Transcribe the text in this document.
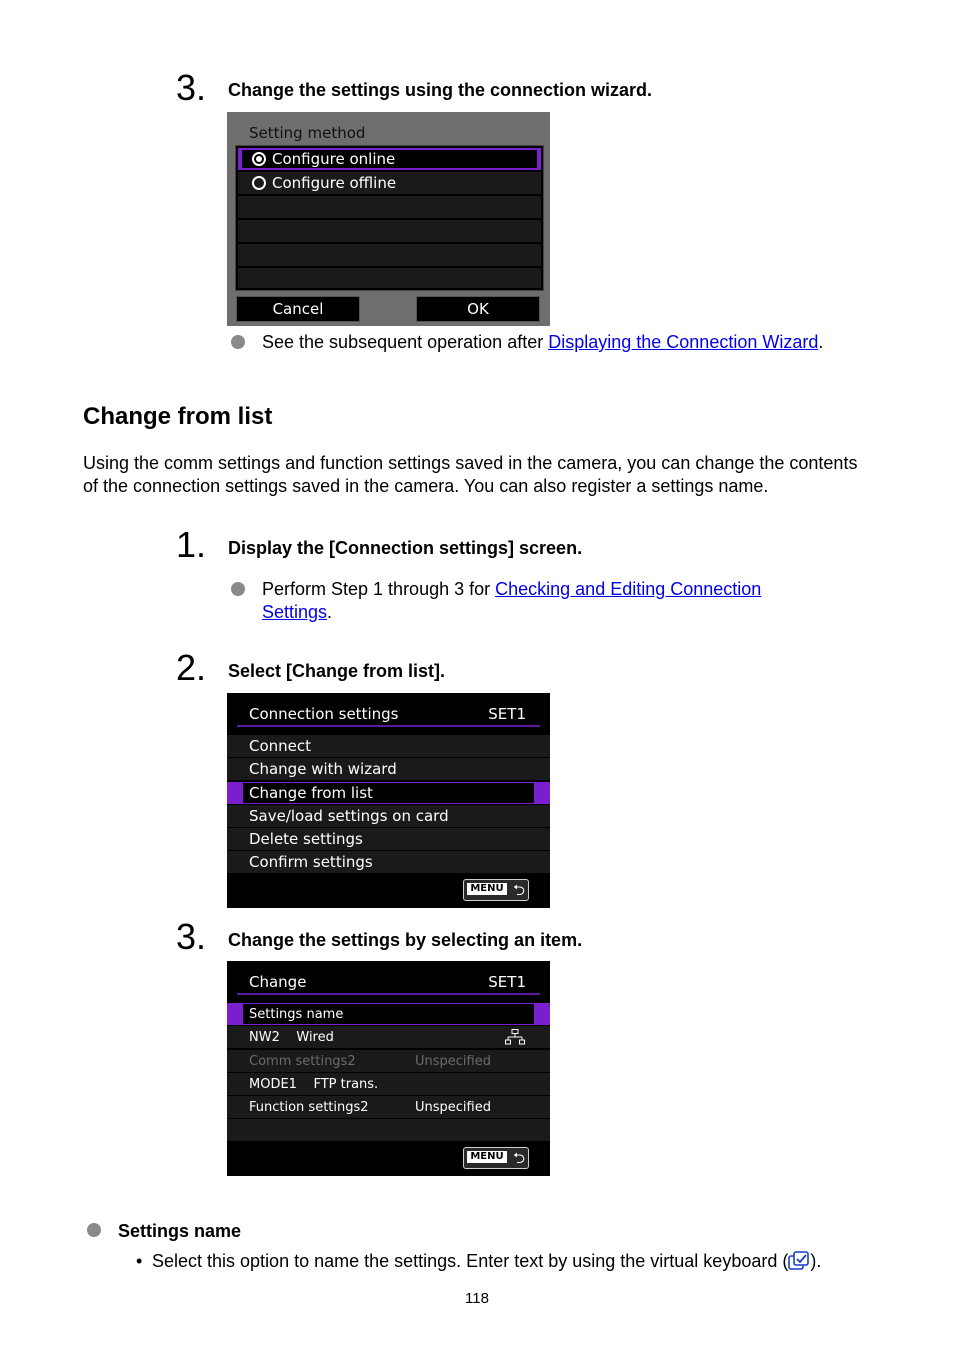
3. Change the settings using the connection wizard.
Setting method
Configure online
Configure offline
Cancel	OK
See the subsequent operation after Displaying the Connection Wizard.
Change from list
Using the comm settings and function settings saved in the camera, you can change the contents of the connection settings saved in the camera. You can also register a settings name.
1. Display the [Connection settings] screen.
Perform Step 1 through 3 for Checking and Editing Connection
Settings.
2. Select [Change from list].
Connection settings	SET1
Connect
Change with wizard
Change from list
Save/load settings on card
Delete settings
Confirm settings
MENU ⮌
3. Change the settings by selecting an item.
Change	SET1
Settings name
NW2    Wired
Comm settings2	Unspecified
MODE1    FTP trans.
Function settings2	Unspecified
MENU ⮌
Settings name
• Select this option to name the settings. Enter text by using the virtual keyboard ( ).
118
